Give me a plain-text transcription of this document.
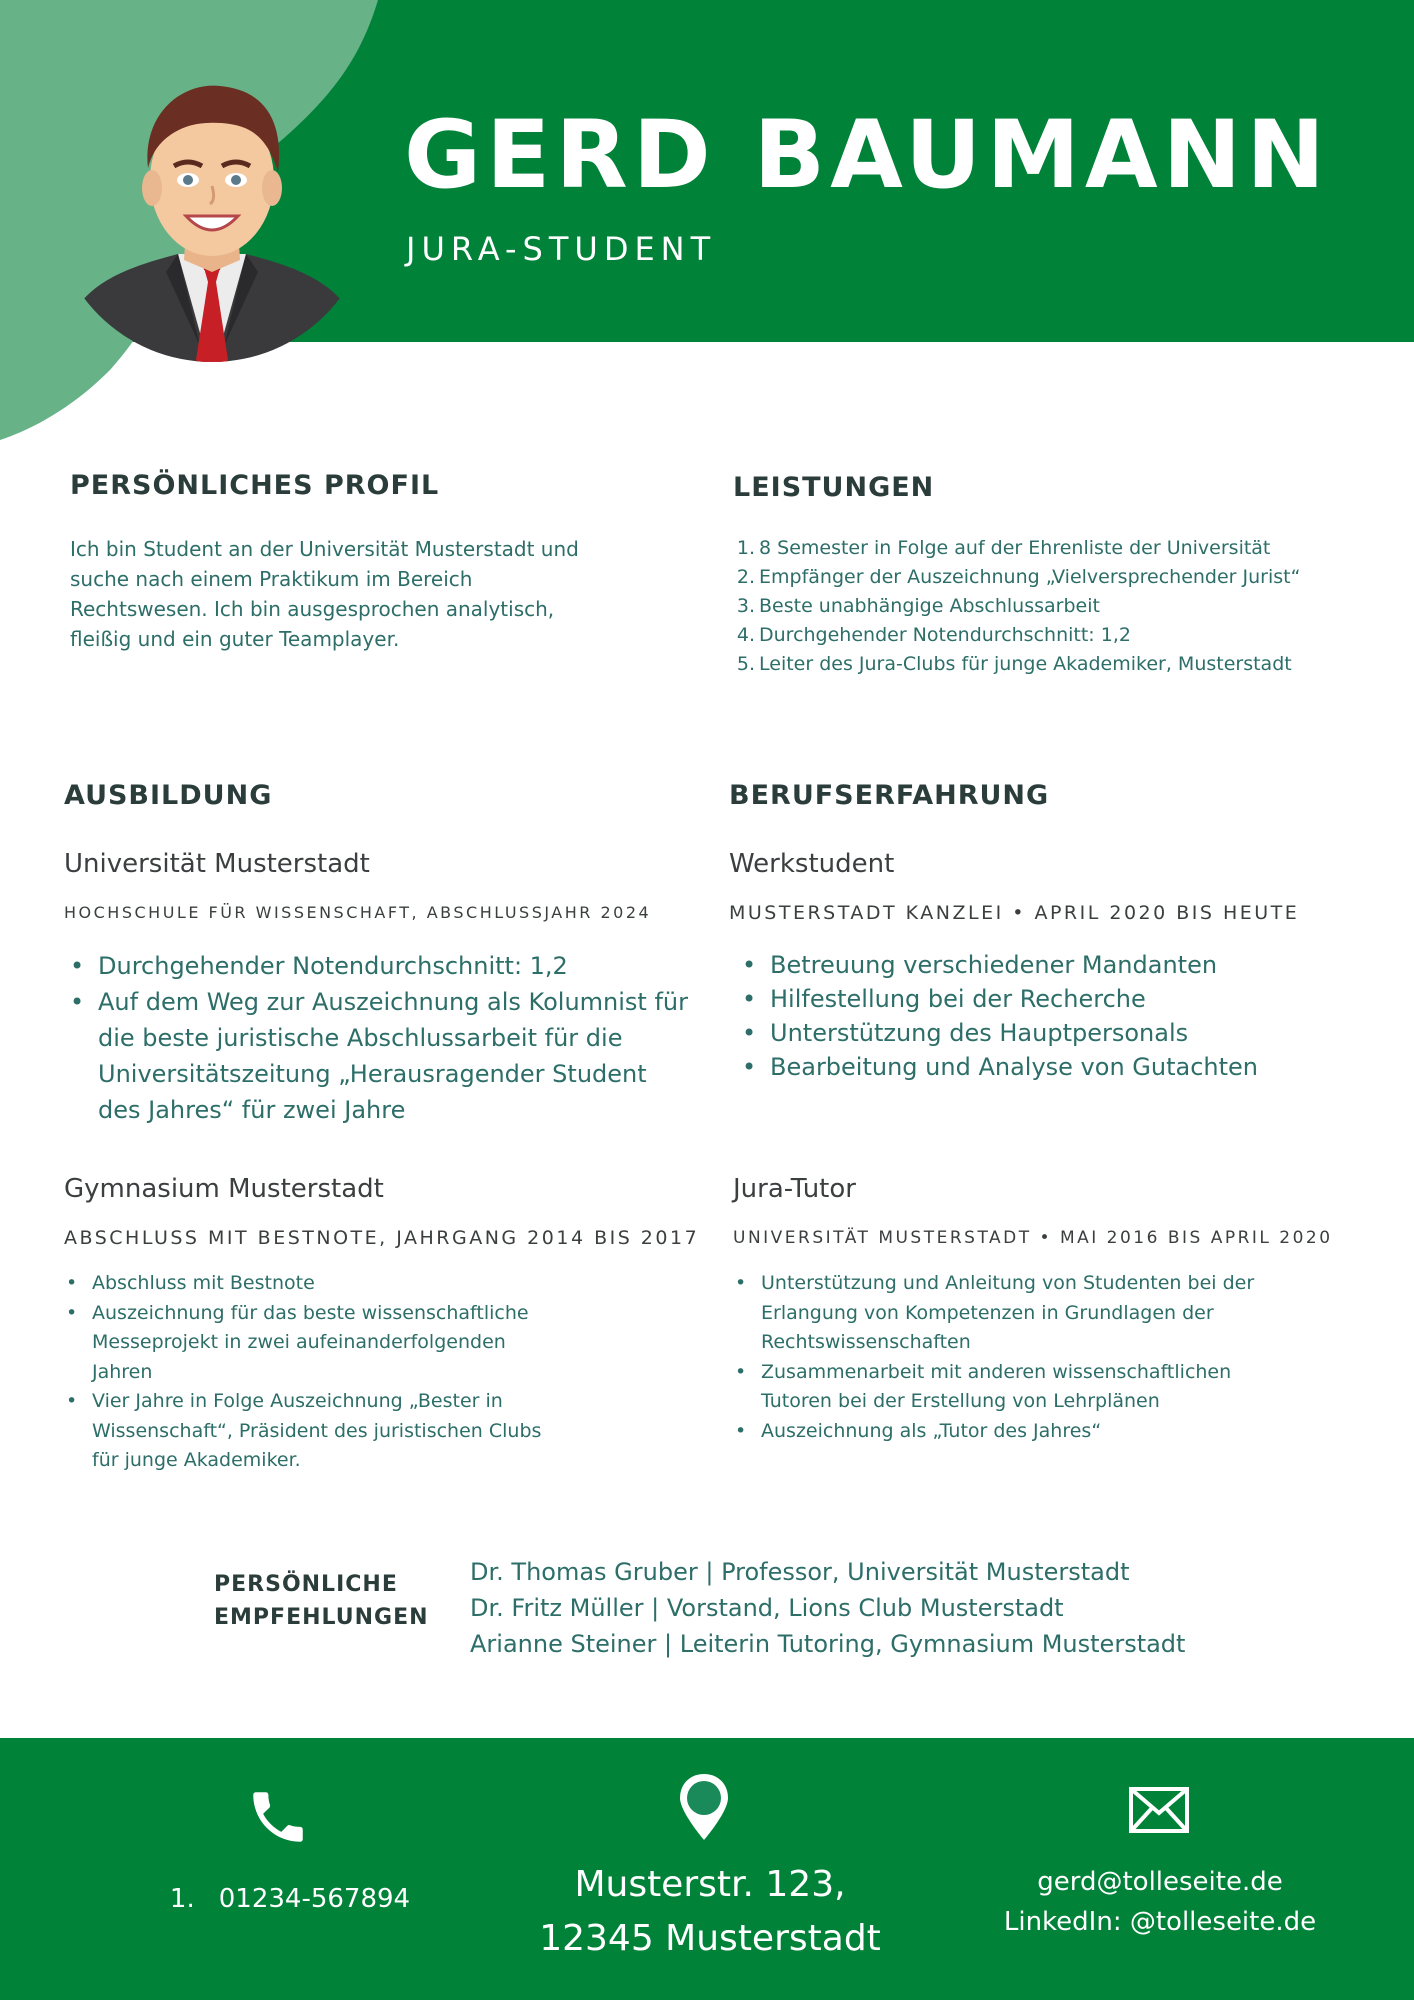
GERD BAUMANN
JURA-STUDENT
PERSÖNLICHES PROFIL
Ich bin Student an der Universität Musterstadt und
suche nach einem Praktikum im Bereich
Rechtswesen. Ich bin ausgesprochen analytisch,
fleißig und ein guter Teamplayer.
LEISTUNGEN
1. 8 Semester in Folge auf der Ehrenliste der Universität
2. Empfänger der Auszeichnung „Vielversprechender Jurist“
3. Beste unabhängige Abschlussarbeit
4. Durchgehender Notendurchschnitt: 1,2
5. Leiter des Jura-Clubs für junge Akademiker, Musterstadt
AUSBILDUNG
Universität Musterstadt
HOCHSCHULE FÜR WISSENSCHAFT, ABSCHLUSSJAHR 2024
• Durchgehender Notendurchschnitt: 1,2
• Auf dem Weg zur Auszeichnung als Kolumnist für
die beste juristische Abschlussarbeit für die
Universitätszeitung „Herausragender Student
des Jahres“ für zwei Jahre
Gymnasium Musterstadt
ABSCHLUSS MIT BESTNOTE, JAHRGANG 2014 BIS 2017
• Abschluss mit Bestnote
• Auszeichnung für das beste wissenschaftliche
Messeprojekt in zwei aufeinanderfolgenden
Jahren
• Vier Jahre in Folge Auszeichnung „Bester in
Wissenschaft“, Präsident des juristischen Clubs
für junge Akademiker.
BERUFSERFAHRUNG
Werkstudent
MUSTERSTADT KANZLEI • APRIL 2020 BIS HEUTE
• Betreuung verschiedener Mandanten
• Hilfestellung bei der Recherche
• Unterstützung des Hauptpersonals
• Bearbeitung und Analyse von Gutachten
Jura-Tutor
UNIVERSITÄT MUSTERSTADT • MAI 2016 BIS APRIL 2020
• Unterstützung und Anleitung von Studenten bei der
Erlangung von Kompetenzen in Grundlagen der
Rechtswissenschaften
• Zusammenarbeit mit anderen wissenschaftlichen
Tutoren bei der Erstellung von Lehrplänen
• Auszeichnung als „Tutor des Jahres“
PERSÖNLICHE
EMPFEHLUNGEN
Dr. Thomas Gruber | Professor, Universität Musterstadt
Dr. Fritz Müller | Vorstand, Lions Club Musterstadt
Arianne Steiner | Leiterin Tutoring, Gymnasium Musterstadt
1. 01234-567894	Musterstr. 123,
12345 Musterstadt
gerd@tolleseite.de
LinkedIn: @tolleseite.de
